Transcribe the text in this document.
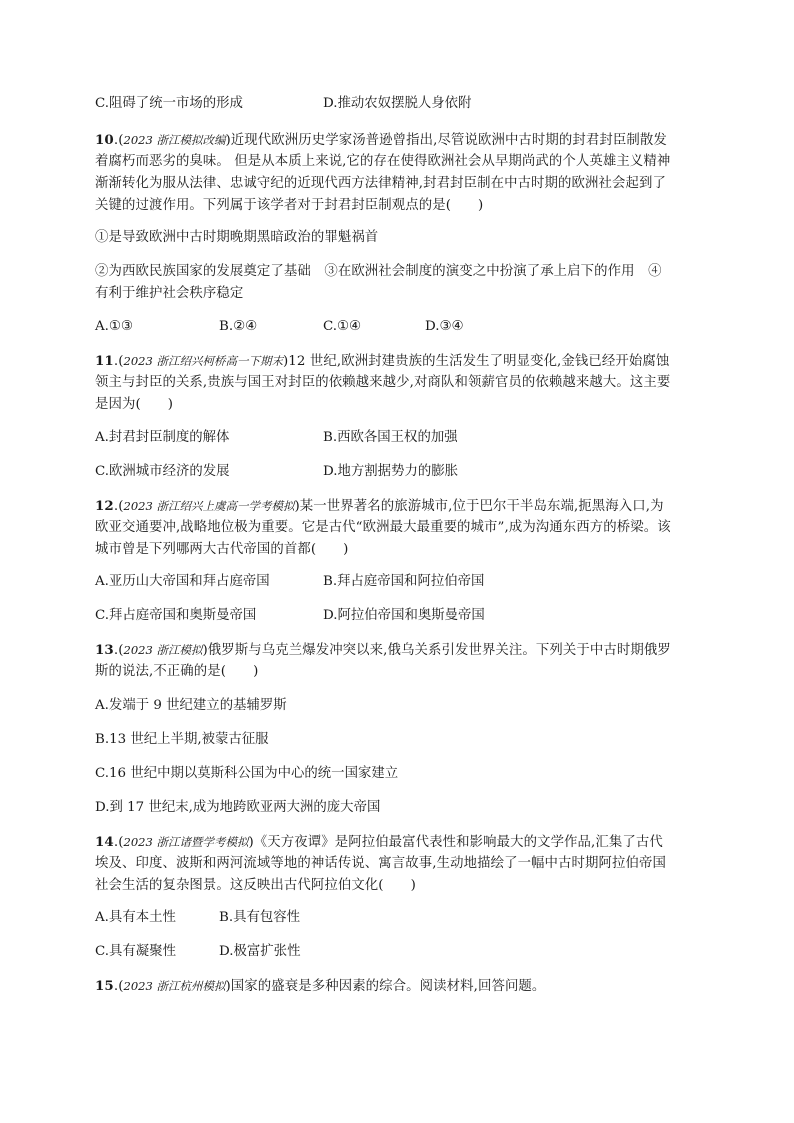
C.阻碍了统一市场的形成	D.推动农奴摆脱人身依附
10.(2023 浙江模拟改编)近现代欧洲历史学家汤普逊曾指出,尽管说欧洲中古时期的封君封臣制散发
着腐朽而恶劣的臭味。 但是从本质上来说,它的存在使得欧洲社会从早期尚武的个人英雄主义精神
渐渐转化为服从法律、忠诚守纪的近现代西方法律精神,封君封臣制在中古时期的欧洲社会起到了
关键的过渡作用。下列属于该学者对于封君封臣制观点的是(　　)
①是导致欧洲中古时期晚期黑暗政治的罪魁祸首
②为西欧民族国家的发展奠定了基础　③在欧洲社会制度的演变之中扮演了承上启下的作用　④
有利于维护社会秩序稳定
A.①③	B.②④	C.①④	D.③④
11.(2023 浙江绍兴柯桥高一下期末)12 世纪,欧洲封建贵族的生活发生了明显变化,金钱已经开始腐蚀
领主与封臣的关系,贵族与国王对封臣的依赖越来越少,对商队和领薪官员的依赖越来越大。这主要
是因为(　　)
A.封君封臣制度的解体	B.西欧各国王权的加强
C.欧洲城市经济的发展	D.地方割据势力的膨胀
12.(2023 浙江绍兴上虞高一学考模拟)某一世界著名的旅游城市,位于巴尔干半岛东端,扼黑海入口,为
欧亚交通要冲,战略地位极为重要。它是古代“欧洲最大最重要的城市”,成为沟通东西方的桥梁。该
城市曾是下列哪两大古代帝国的首都(　　)
A.亚历山大帝国和拜占庭帝国	B.拜占庭帝国和阿拉伯帝国
C.拜占庭帝国和奥斯曼帝国	D.阿拉伯帝国和奥斯曼帝国
13.(2023 浙江模拟)俄罗斯与乌克兰爆发冲突以来,俄乌关系引发世界关注。下列关于中古时期俄罗
斯的说法,不正确的是(　　)
A.发端于 9 世纪建立的基辅罗斯
B.13 世纪上半期,被蒙古征服
C.16 世纪中期以莫斯科公国为中心的统一国家建立
D.到 17 世纪末,成为地跨欧亚两大洲的庞大帝国
14.(2023 浙江诸暨学考模拟)《天方夜谭》是阿拉伯最富代表性和影响最大的文学作品,汇集了古代
埃及、印度、波斯和两河流域等地的神话传说、寓言故事,生动地描绘了一幅中古时期阿拉伯帝国
社会生活的复杂图景。这反映出古代阿拉伯文化(　　)
A.具有本土性	B.具有包容性
C.具有凝聚性	D.极富扩张性
15.(2023 浙江杭州模拟)国家的盛衰是多种因素的综合。阅读材料,回答问题。
